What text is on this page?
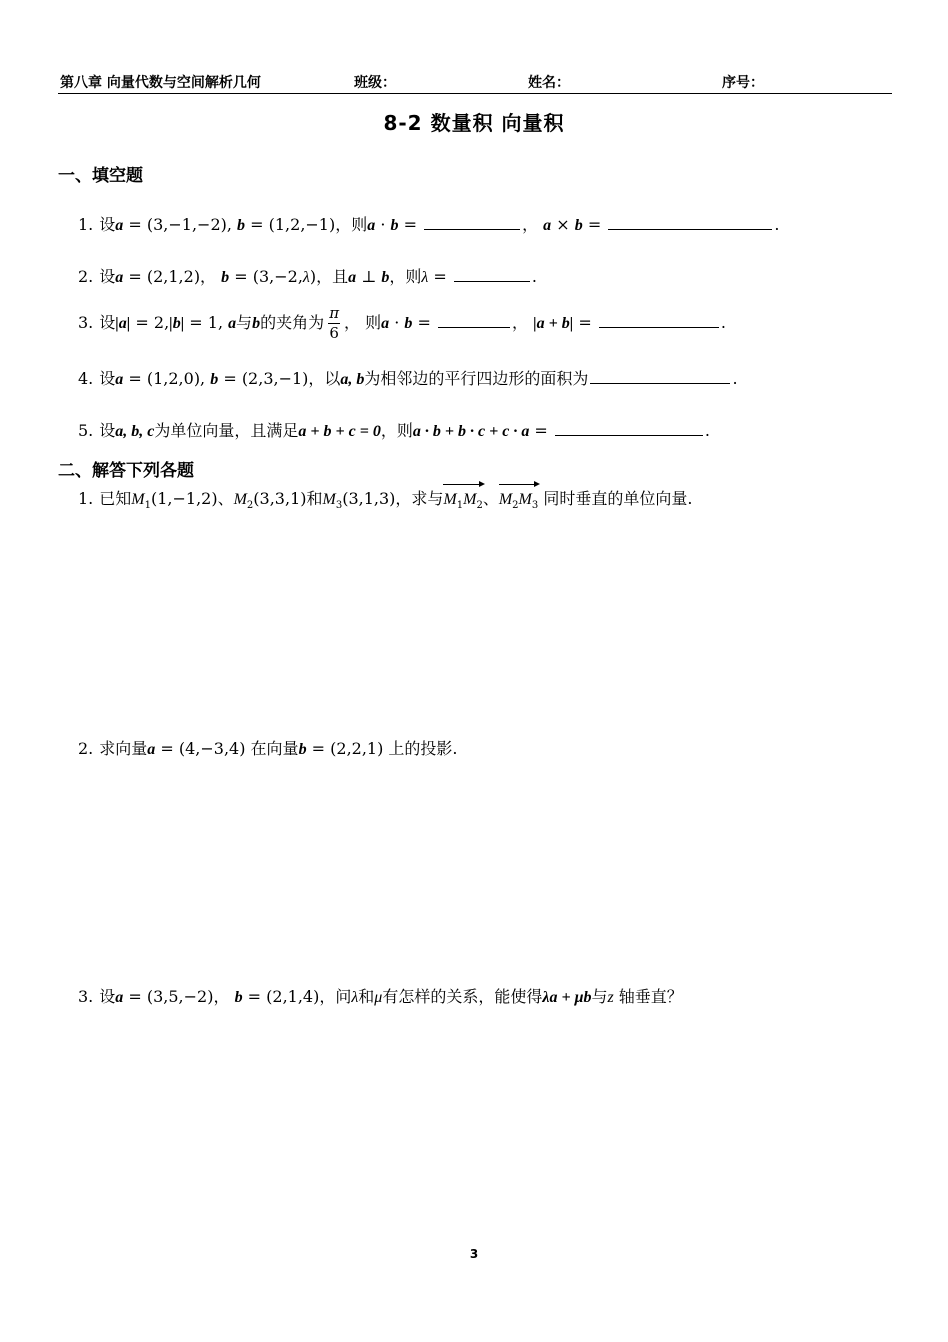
第八章 向量代数与空间解析几何	班级：	姓名：	序号：
8-2 数量积 向量积
一、填空题
1. 设a = (3,−1,−2), b = (1,2,−1)，则a · b =	， a × b =	.
2. 设a = (2,1,2)， b = (3,−2,λ)，且a ⊥ b，则λ =	.
3. 设|a| = 2,|b| = 1, a与b的夹角为 $\frac{\pi}{6}$ ， 则a · b =	， |a + b| =	.
4. 设a = (1,2,0), b = (2,3,−1)，以a, b为相邻边的平行四边形的面积为	.
5. 设a, b, c为单位向量，且满足a + b + c = 0，则a · b + b · c + c · a =	.
二、解答下列各题
1. 已知$M_1(1,-1,2)$、$M_2(3,3,1)$和$M_3(3,1,3)$，求与$M_1M_2$、$M_2M_3$ 同时垂直的单位向量.
2. 求向量a = (4,−3,4) 在向量b = (2,2,1) 上的投影.
3. 设a = (3,5,−2)， b = (2,1,4)，问λ和μ有怎样的关系，能使得λa + μb与z 轴垂直？
3
